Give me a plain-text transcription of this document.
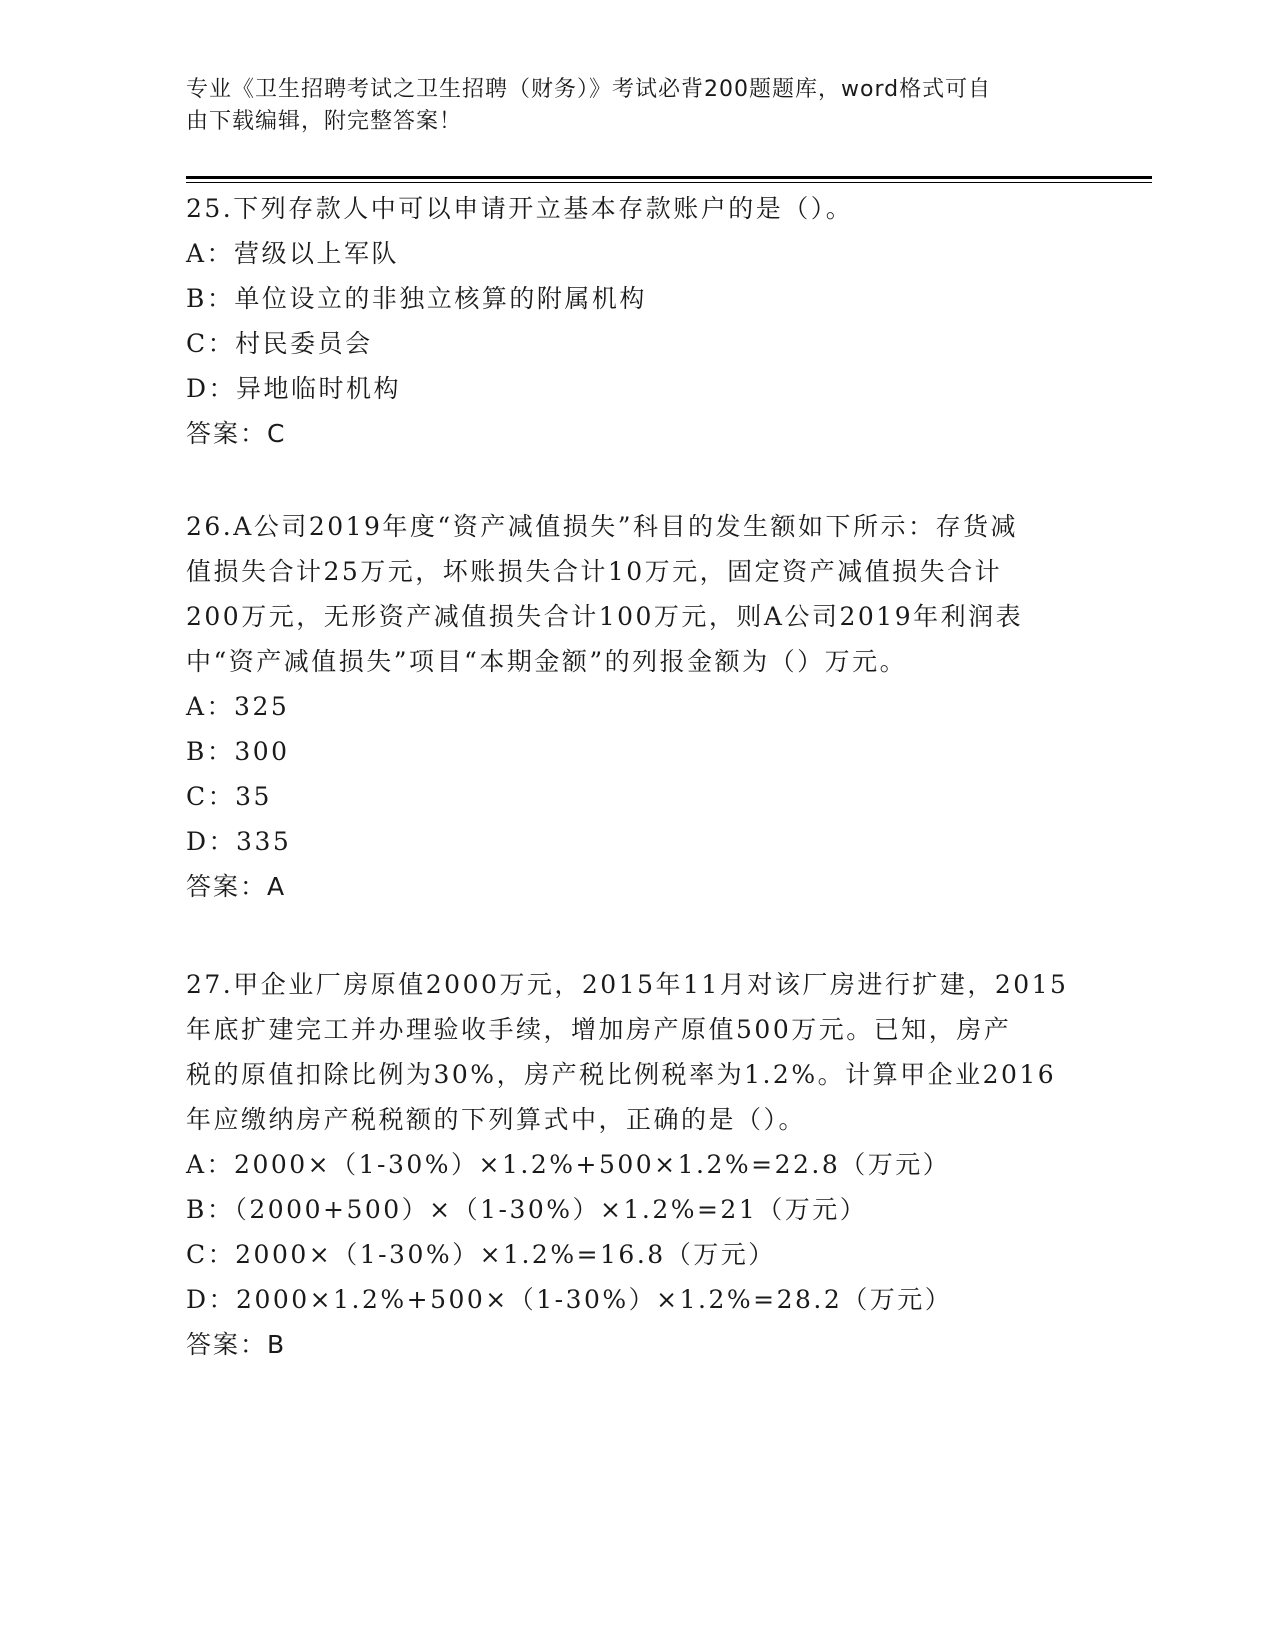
专业《卫生招聘考试之卫生招聘（财务）》考试必背200题题库，word格式可自

由下载编辑，附完整答案！

25.下列存款人中可以申请开立基本存款账户的是（）。

A：营级以上军队

B：单位设立的非独立核算的附属机构

C：村民委员会

D：异地临时机构

答案：C

26.A公司2019年度“资产减值损失”科目的发生额如下所示：存货减

值损失合计25万元，坏账损失合计10万元，固定资产减值损失合计

200万元，无形资产减值损失合计100万元，则A公司2019年利润表

中“资产减值损失”项目“本期金额”的列报金额为（）万元。

A：325

B：300

C：35

D：335

答案：A

27.甲企业厂房原值2000万元，2015年11月对该厂房进行扩建，2015

年底扩建完工并办理验收手续，增加房产原值500万元。已知，房产

税的原值扣除比例为30%，房产税比例税率为1.2%。计算甲企业2016

年应缴纳房产税税额的下列算式中，正确的是（）。

A：2000×（1-30%）×1.2%+500×1.2%=22.8（万元）

B：（2000+500）×（1-30%）×1.2%=21（万元）

C：2000×（1-30%）×1.2%=16.8（万元）

D：2000×1.2%+500×（1-30%）×1.2%=28.2（万元）

答案：B
